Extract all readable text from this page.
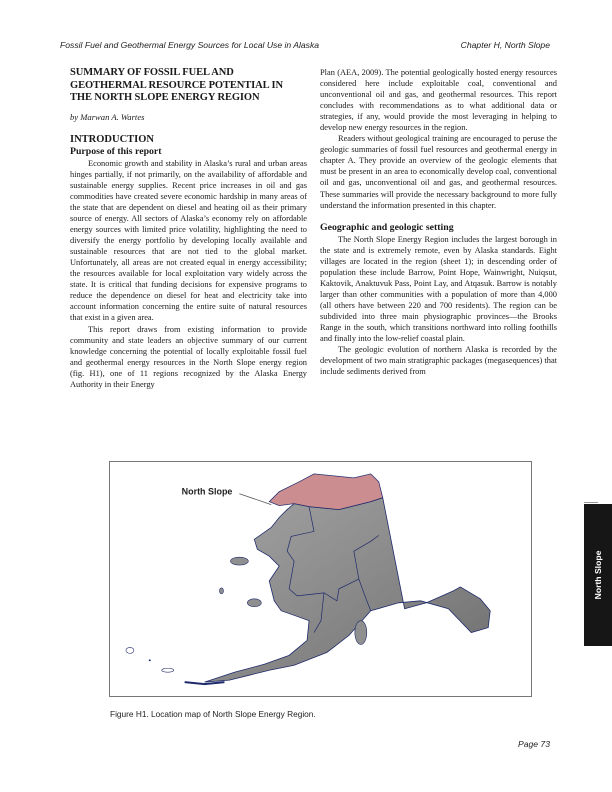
Fossil Fuel and Geothermal Energy Sources for Local Use in Alaska	Chapter H, North Slope
SUMMARY OF FOSSIL FUEL AND GEOTHERMAL RESOURCE POTENTIAL IN THE NORTH SLOPE ENERGY REGION
by Marwan A. Wartes
INTRODUCTION
Purpose of this report

Economic growth and stability in Alaska’s rural and urban areas hinges partially, if not primarily, on the availability of affordable and sustainable energy supplies. Recent price increases in oil and gas commodities have created severe economic hardship in many areas of the state that are dependent on diesel and heating oil as their primary source of energy. All sectors of Alaska’s economy rely on affordable energy sources with limited price volatility, highlighting the need to diversify the energy portfolio by developing locally available and sustainable resources that are not tied to the global market. Unfortunately, all areas are not created equal in energy accessibility; the resources available for local exploitation vary widely across the state. It is critical that funding decisions for expensive programs to reduce the dependence on diesel for heat and electricity take into account information concerning the entire suite of natural resources that exist in a given area.

This report draws from existing information to provide community and state leaders an objective summary of our current knowledge concerning the potential of locally exploitable fossil fuel and geothermal energy resources in the North Slope energy region (fig. H1), one of 11 regions recognized by the Alaska Energy Authority in their Energy

Plan (AEA, 2009). The potential geologically hosted energy resources considered here include exploitable coal, conventional and unconventional oil and gas, and geothermal resources. This report concludes with recommendations as to what additional data or strategies, if any, would provide the most leveraging in helping to develop new energy resources in the region.

Readers without geological training are encouraged to peruse the geologic summaries of fossil fuel resources and geothermal energy in chapter A. They provide an overview of the geologic elements that must be present in an area to economically develop coal, conventional oil and gas, unconventional oil and gas, and geothermal resources. These summaries will provide the necessary background to more fully understand the information presented in this chapter.

Geographic and geologic setting

The North Slope Energy Region includes the largest borough in the state and is extremely remote, even by Alaska standards. Eight villages are located in the region (sheet 1); in descending order of population these include Barrow, Point Hope, Wainwright, Nuiqsut, Kaktovik, Anaktuvuk Pass, Point Lay, and Atqasuk. Barrow is notably larger than other communities with a population of more than 4,000 (all others have between 220 and 700 residents). The region can be subdivided into three main physiographic provinces—the Brooks Range in the south, which transitions northward into rolling foothills and finally into the low-relief coastal plain.

The geologic evolution of northern Alaska is recorded by the development of two main stratigraphic packages (megasequences) that include sediments derived from

North Slope
Figure H1. Location map of North Slope Energy Region.
North Slope
Page 73
